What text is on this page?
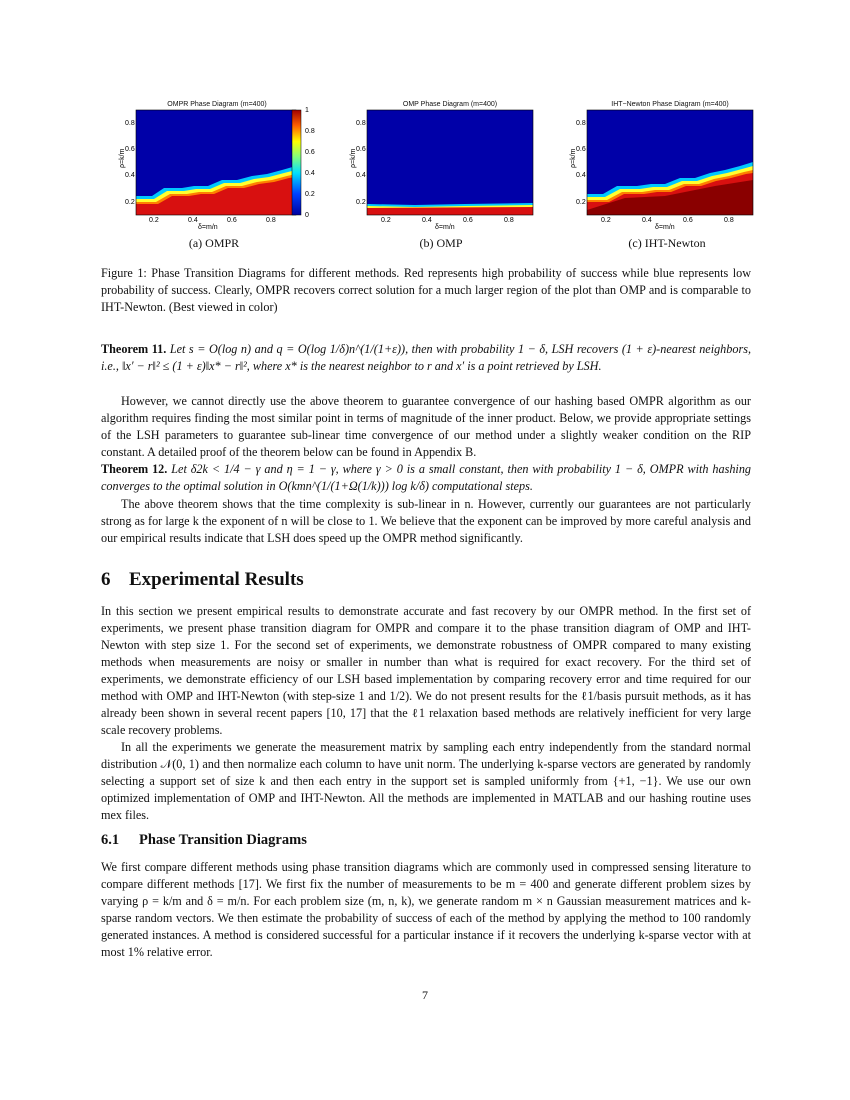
OMPR Phase Diagram (m=400)
0.8
0.6
0.4
0.2
0.2	0.4	0.6	0.8
0
0.2
0.4
0.6
0.8
1
δ=m/n
ρ=k/m
(a) OMPR
OMP Phase Diagram (m=400)
0.8
0.6
0.4
0.2
0.2	0.4	0.6	0.8
δ=m/n
ρ=k/m
(b) OMP
IHT−Newton Phase Diagram (m=400)
0.8
0.6
0.4
0.2
0.2	0.4	0.6	0.8
δ=m/n
ρ=k/m
(c) IHT-Newton
Figure 1: Phase Transition Diagrams for different methods. Red represents high probability of success while blue represents low probability of success. Clearly, OMPR recovers correct solution for a much larger region of the plot than OMP and is comparable to IHT-Newton. (Best viewed in color)

Theorem 11. Let s = O(log n) and q = O(log 1/δ)n^(1/(1+ε)), then with probability 1 − δ, LSH recovers (1 + ε)-nearest neighbors, i.e., ‖x′ − r‖² ≤ (1 + ε)‖x* − r‖², where x* is the nearest neighbor to r and x′ is a point retrieved by LSH.

However, we cannot directly use the above theorem to guarantee convergence of our hashing based OMPR algorithm as our algorithm requires finding the most similar point in terms of magnitude of the inner product. Below, we provide appropriate settings of the LSH parameters to guarantee sub-linear time convergence of our method under a slightly weaker condition on the RIP constant. A detailed proof of the theorem below can be found in Appendix B.

Theorem 12. Let δ2k < 1/4 − γ and η = 1 − γ, where γ > 0 is a small constant, then with probability 1 − δ, OMPR with hashing converges to the optimal solution in O(kmn^(1/(1+Ω(1/k))) log k/δ) computational steps.

The above theorem shows that the time complexity is sub-linear in n. However, currently our guarantees are not particularly strong as for large k the exponent of n will be close to 1. We believe that the exponent can be improved by more careful analysis and our empirical results indicate that LSH does speed up the OMPR method significantly.

6 Experimental Results

In this section we present empirical results to demonstrate accurate and fast recovery by our OMPR method. In the first set of experiments, we present phase transition diagram for OMPR and compare it to the phase transition diagram of OMP and IHT-Newton with step size 1. For the second set of experiments, we demonstrate robustness of OMPR compared to many existing methods when measurements are noisy or smaller in number than what is required for exact recovery. For the third set of experiments, we demonstrate efficiency of our LSH based implementation by comparing recovery error and time required for our method with OMP and IHT-Newton (with step-size 1 and 1/2). We do not present results for the ℓ1/basis pursuit methods, as it has already been shown in several recent papers [10, 17] that the ℓ1 relaxation based methods are relatively inefficient for very large scale recovery problems.

In all the experiments we generate the measurement matrix by sampling each entry independently from the standard normal distribution 𝒩(0, 1) and then normalize each column to have unit norm. The underlying k-sparse vectors are generated by randomly selecting a support set of size k and then each entry in the support set is sampled uniformly from {+1, −1}. We use our own optimized implementation of OMP and IHT-Newton. All the methods are implemented in MATLAB and our hashing routine uses mex files.

6.1 Phase Transition Diagrams

We first compare different methods using phase transition diagrams which are commonly used in compressed sensing literature to compare different methods [17]. We first fix the number of measurements to be m = 400 and generate different problem sizes by varying ρ = k/m and δ = m/n. For each problem size (m, n, k), we generate random m × n Gaussian measurement matrices and k-sparse random vectors. We then estimate the probability of success of each of the method by applying the method to 100 randomly generated instances. A method is considered successful for a particular instance if it recovers the underlying k-sparse vector with at most 1% relative error.

7
